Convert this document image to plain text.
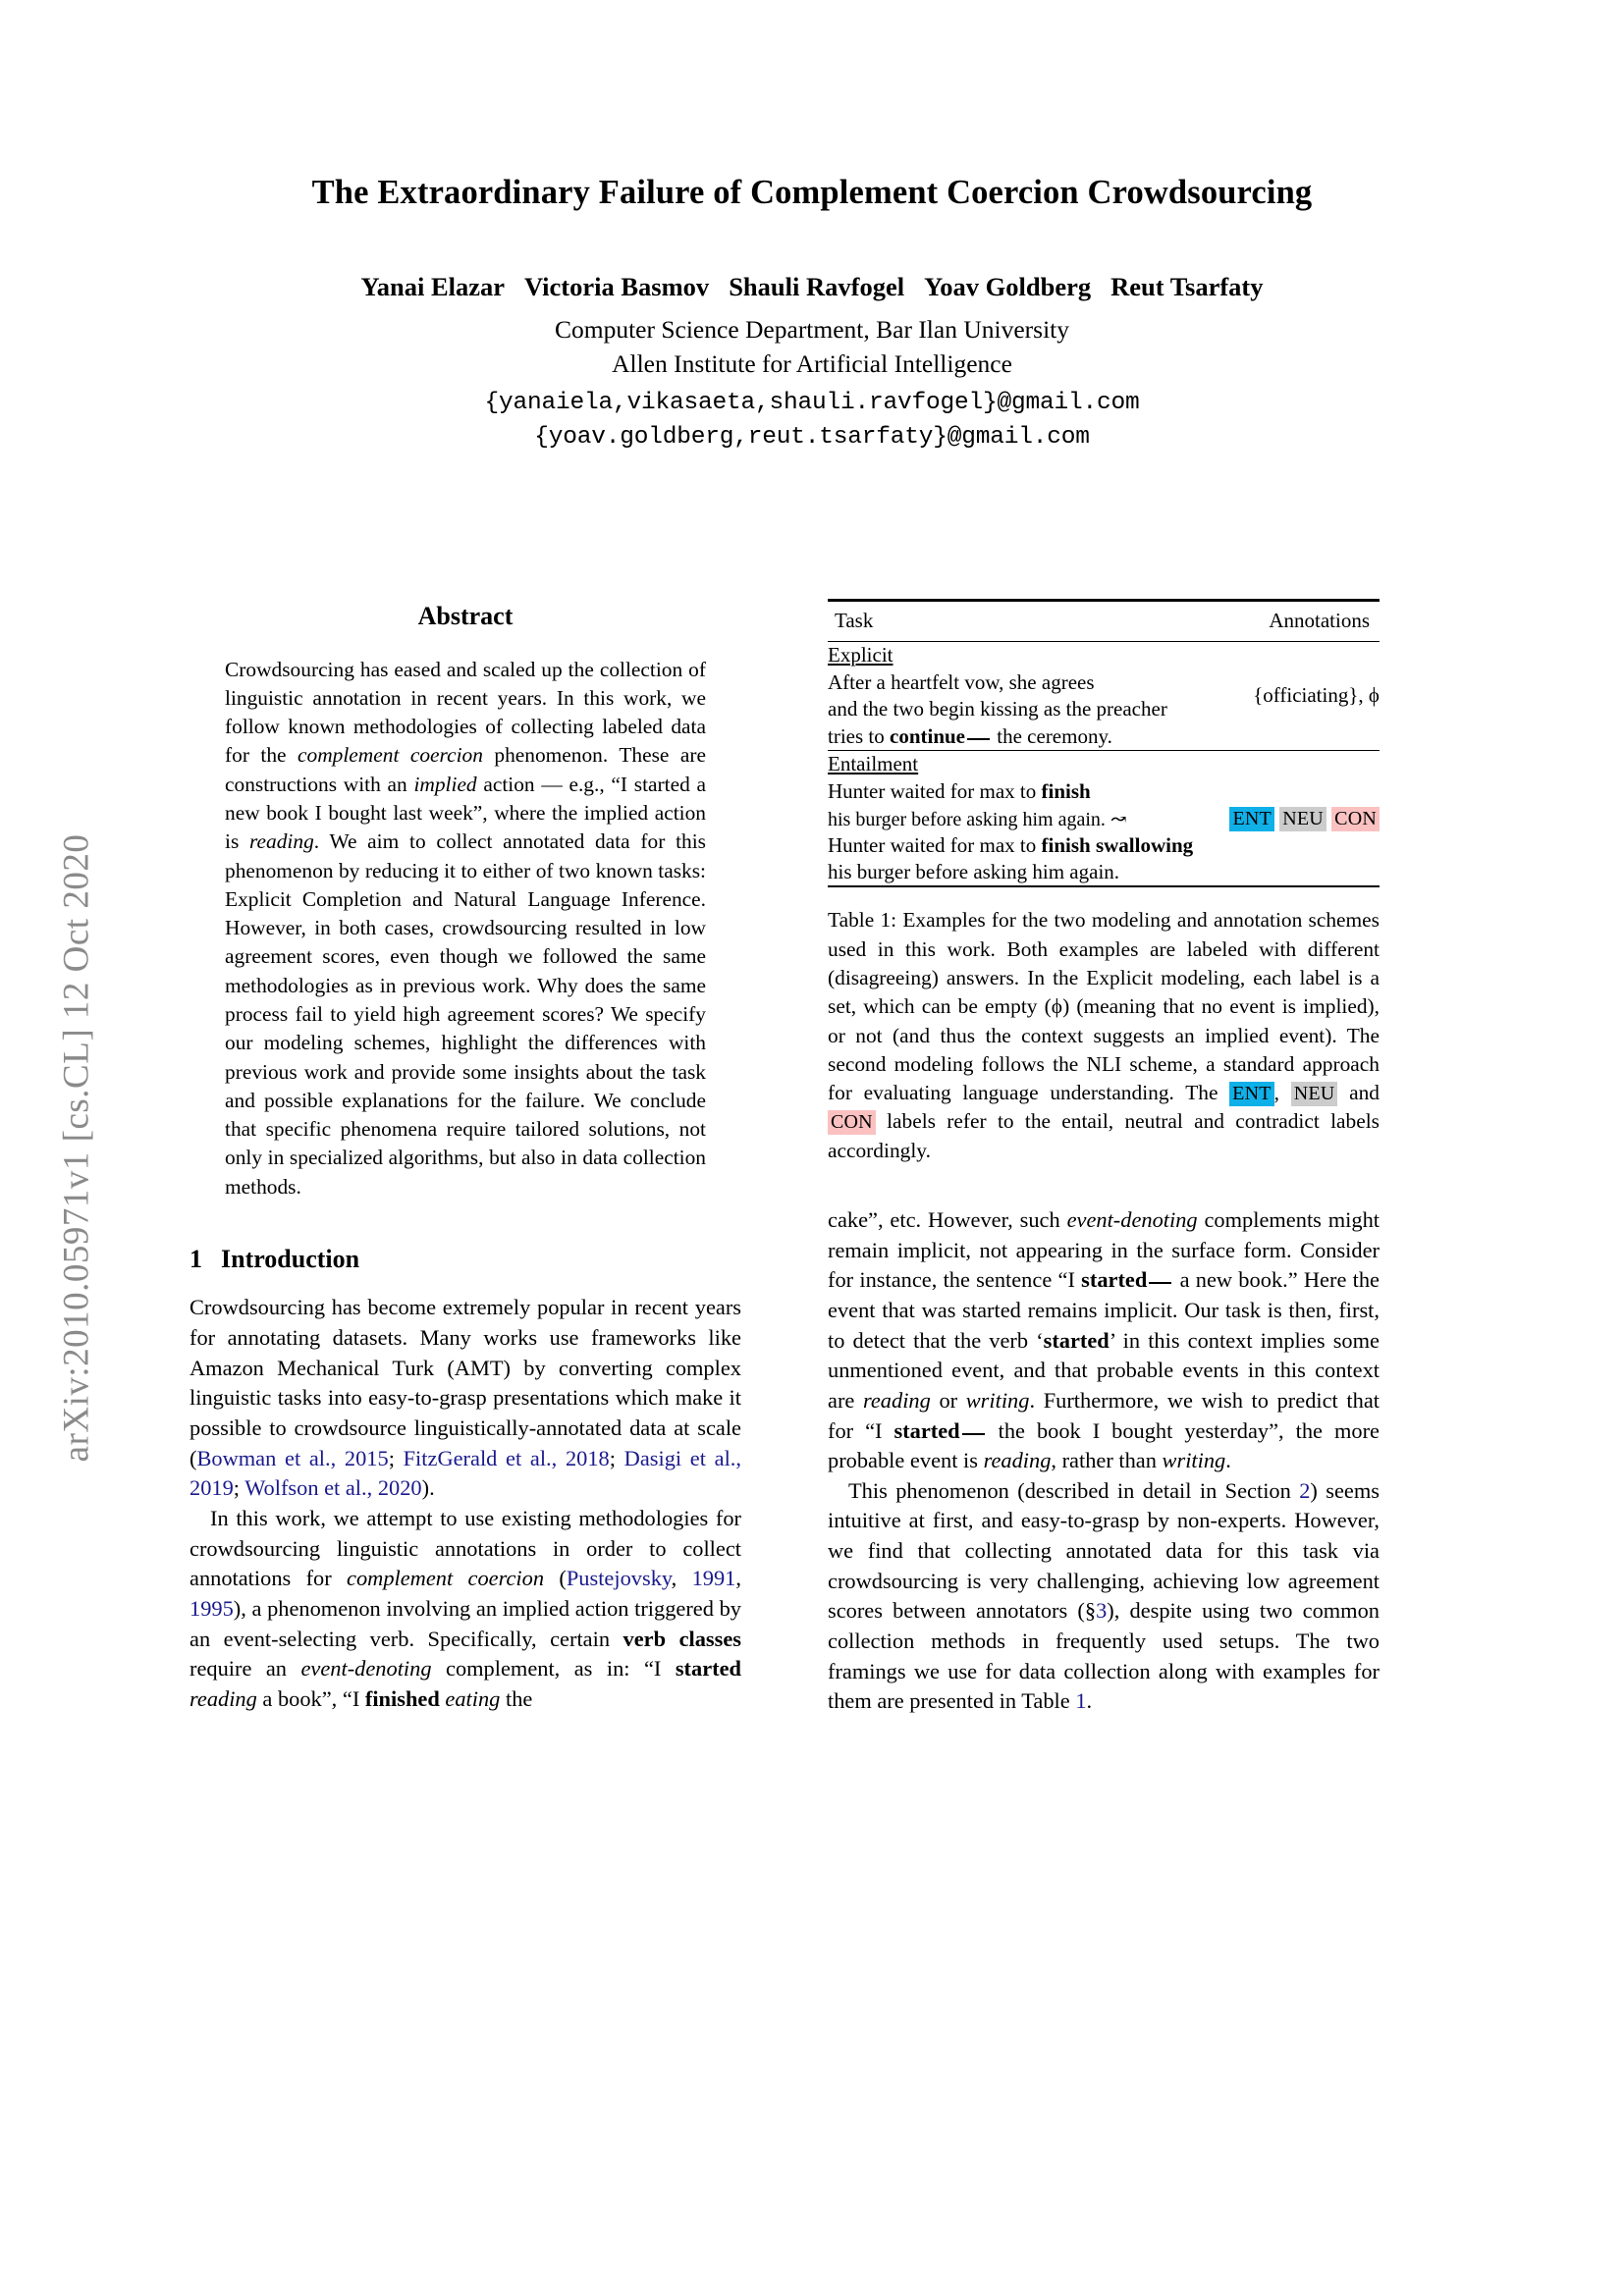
arXiv:2010.05971v1 [cs.CL] 12 Oct 2020
The Extraordinary Failure of Complement Coercion Crowdsourcing
Yanai Elazar Victoria Basmov Shauli Ravfogel Yoav Goldberg Reut Tsarfaty
Computer Science Department, Bar Ilan University
Allen Institute for Artificial Intelligence
{yanaiela,vikasaeta,shauli.ravfogel}@gmail.com
{yoav.goldberg,reut.tsarfaty}@gmail.com
Abstract
Crowdsourcing has eased and scaled up the collection of linguistic annotation in recent years. In this work, we follow known methodologies of collecting labeled data for the complement coercion phenomenon. These are constructions with an implied action — e.g., “I started a new book I bought last week”, where the implied action is reading. We aim to collect annotated data for this phenomenon by reducing it to either of two known tasks: Explicit Completion and Natural Language Inference. However, in both cases, crowdsourcing resulted in low agreement scores, even though we followed the same methodologies as in previous work. Why does the same process fail to yield high agreement scores? We specify our modeling schemes, highlight the differences with previous work and provide some insights about the task and possible explanations for the failure. We conclude that specific phenomena require tailored solutions, not only in specialized algorithms, but also in data collection methods.
1 Introduction

Crowdsourcing has become extremely popular in recent years for annotating datasets. Many works use frameworks like Amazon Mechanical Turk (AMT) by converting complex linguistic tasks into easy-to-grasp presentations which make it possible to crowdsource linguistically-annotated data at scale (Bowman et al., 2015; FitzGerald et al., 2018; Dasigi et al., 2019; Wolfson et al., 2020).

In this work, we attempt to use existing methodologies for crowdsourcing linguistic annotations in order to collect annotations for complement coercion (Pustejovsky, 1991, 1995), a phenomenon involving an implied action triggered by an event-selecting verb. Specifically, certain verb classes require an event-denoting complement, as in: “I started reading a book”, “I finished eating the

Task	Annotations

Explicit
After a heartfelt vow, she agrees
and the two begin kissing as the preacher
tries to continue the ceremony.	{officiating}, ϕ

Entailment
Hunter waited for max to finish
his burger before asking him again. ↝
Hunter waited for max to finish swallowing
his burger before asking him again.	ENT NEU CON

Table 1: Examples for the two modeling and annotation schemes used in this work. Both examples are labeled with different (disagreeing) answers. In the Explicit modeling, each label is a set, which can be empty (ϕ) (meaning that no event is implied), or not (and thus the context suggests an implied event). The second modeling follows the NLI scheme, a standard approach for evaluating language understanding. The ENT , NEU and CON labels refer to the entail, neutral and contradict labels accordingly.

cake”, etc. However, such event-denoting complements might remain implicit, not appearing in the surface form. Consider for instance, the sentence “I started a new book.” Here the event that was started remains implicit. Our task is then, first, to detect that the verb ‘started’ in this context implies some unmentioned event, and that probable events in this context are reading or writing. Furthermore, we wish to predict that for “I started the book I bought yesterday”, the more probable event is reading, rather than writing.

This phenomenon (described in detail in Section 2) seems intuitive at first, and easy-to-grasp by non-experts. However, we find that collecting annotated data for this task via crowdsourcing is very challenging, achieving low agreement scores between annotators (§3), despite using two common collection methods in frequently used setups. The two framings we use for data collection along with examples for them are presented in Table 1.
